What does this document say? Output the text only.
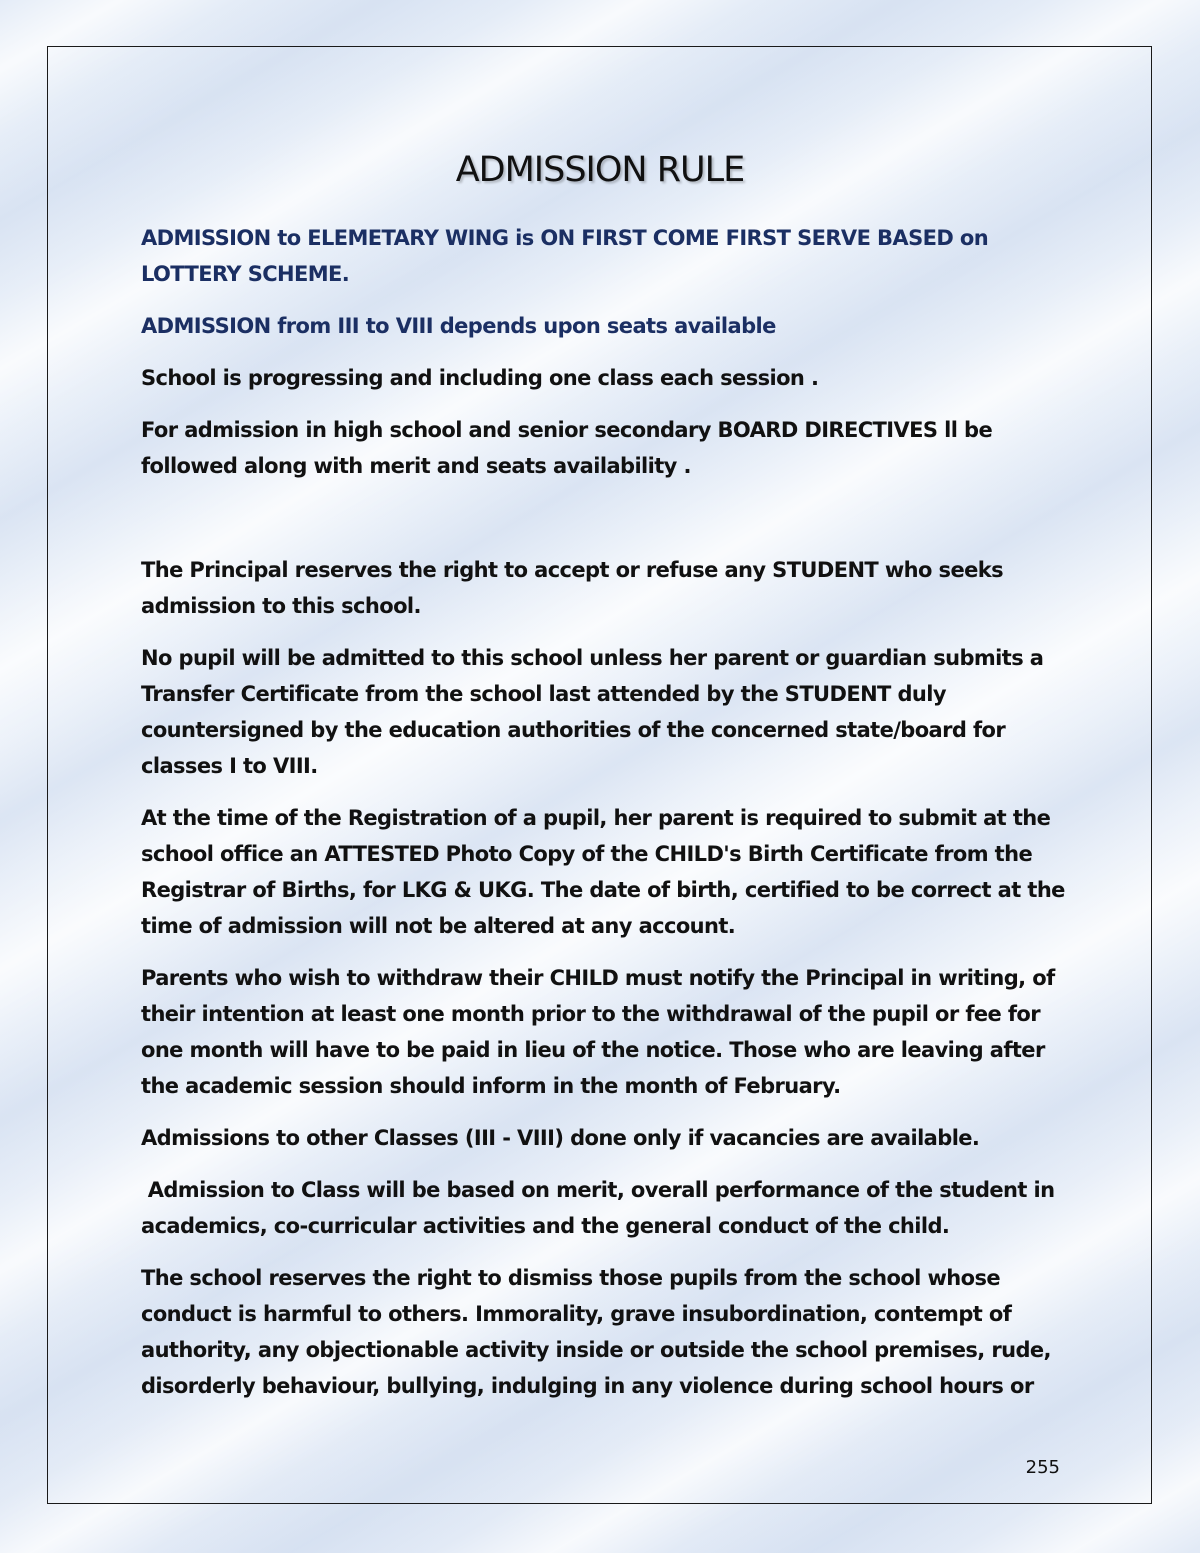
ADMISSION RULE

ADMISSION to ELEMETARY WING is ON FIRST COME FIRST SERVE BASED on LOTTERY SCHEME.

ADMISSION from III to VIII depends upon seats available

School is progressing and including one class each session .

For admission in high school and senior secondary BOARD DIRECTIVES ll be followed along with merit and seats availability .

The Principal reserves the right to accept or refuse any STUDENT who seeks admission to this school.

No pupil will be admitted to this school unless her parent or guardian submits a Transfer Certificate from the school last attended by the STUDENT duly countersigned by the education authorities of the concerned state/board for classes I to VIII.

At the time of the Registration of a pupil, her parent is required to submit at the school office an ATTESTED Photo Copy of the CHILD's Birth Certificate from the Registrar of Births, for LKG & UKG. The date of birth, certified to be correct at the time of admission will not be altered at any account.

Parents who wish to withdraw their CHILD must notify the Principal in writing, of their intention at least one month prior to the withdrawal of the pupil or fee for one month will have to be paid in lieu of the notice. Those who are leaving after the academic session should inform in the month of February.

Admissions to other Classes (III - VIII) done only if vacancies are available.

Admission to Class will be based on merit, overall performance of the student in academics, co-curricular activities and the general conduct of the child.

The school reserves the right to dismiss those pupils from the school whose conduct is harmful to others. Immorality, grave insubordination, contempt of authority, any objectionable activity inside or outside the school premises, rude, disorderly behaviour, bullying, indulging in any violence during school hours or

255
